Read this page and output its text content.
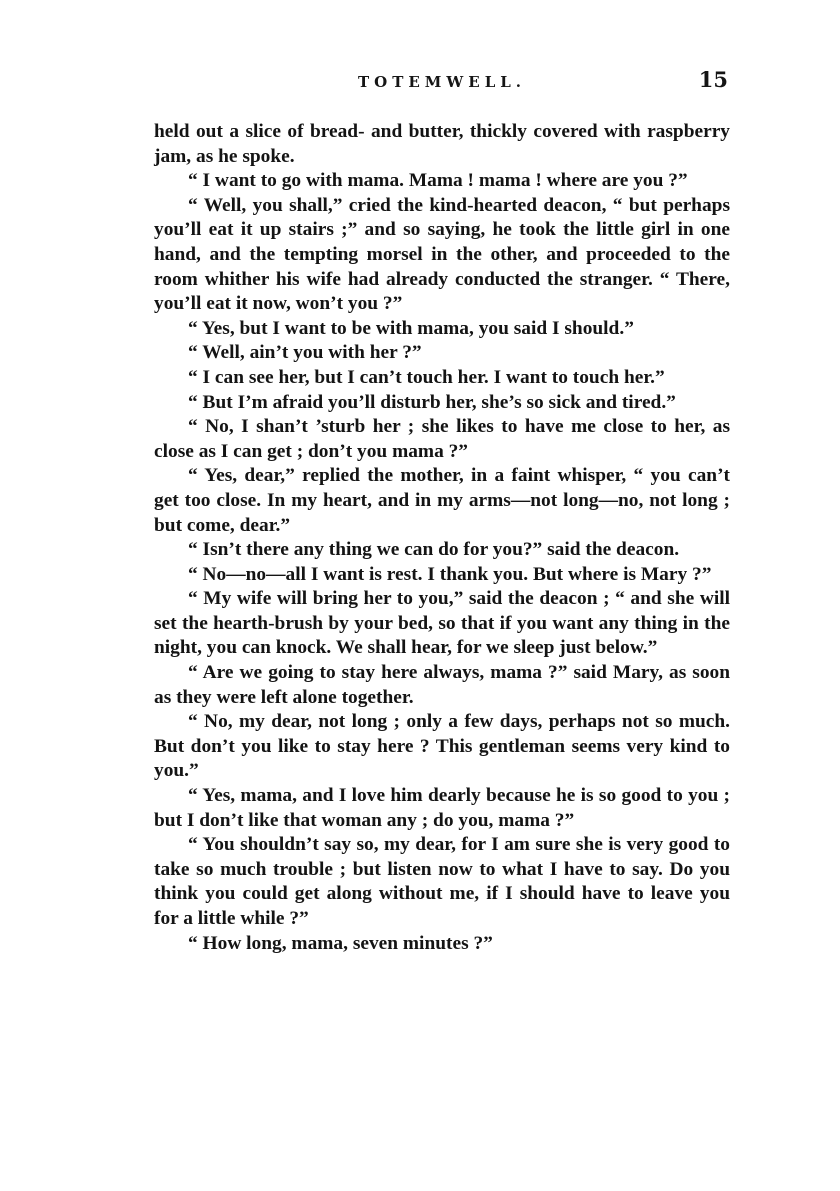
TOTEMWELL.	15

held out a slice of bread- and butter, thickly covered with raspberry jam, as he spoke.

“ I want to go with mama. Mama ! mama ! where are you ?”

“ Well, you shall,” cried the kind-hearted deacon, “ but perhaps you’ll eat it up stairs ;” and so saying, he took the little girl in one hand, and the tempting morsel in the other, and proceeded to the room whither his wife had already conducted the stranger. “ There, you’ll eat it now, won’t you ?”

“ Yes, but I want to be with mama, you said I should.”

“ Well, ain’t you with her ?”

“ I can see her, but I can’t touch her. I want to touch her.”

“ But I’m afraid you’ll disturb her, she’s so sick and tired.”

“ No, I shan’t ’sturb her ; she likes to have me close to her, as close as I can get ; don’t you mama ?”

“ Yes, dear,” replied the mother, in a faint whisper, “ you can’t get too close. In my heart, and in my arms—not long—no, not long ; but come, dear.”

“ Isn’t there any thing we can do for you?” said the deacon.

“ No—no—all I want is rest. I thank you. But where is Mary ?”

“ My wife will bring her to you,” said the deacon ; “ and she will set the hearth-brush by your bed, so that if you want any thing in the night, you can knock. We shall hear, for we sleep just below.”

“ Are we going to stay here always, mama ?” said Mary, as soon as they were left alone together.

“ No, my dear, not long ; only a few days, perhaps not so much. But don’t you like to stay here ? This gentleman seems very kind to you.”

“ Yes, mama, and I love him dearly because he is so good to you ; but I don’t like that woman any ; do you, mama ?”

“ You shouldn’t say so, my dear, for I am sure she is very good to take so much trouble ; but listen now to what I have to say. Do you think you could get along without me, if I should have to leave you for a little while ?”

“ How long, mama, seven minutes ?”
